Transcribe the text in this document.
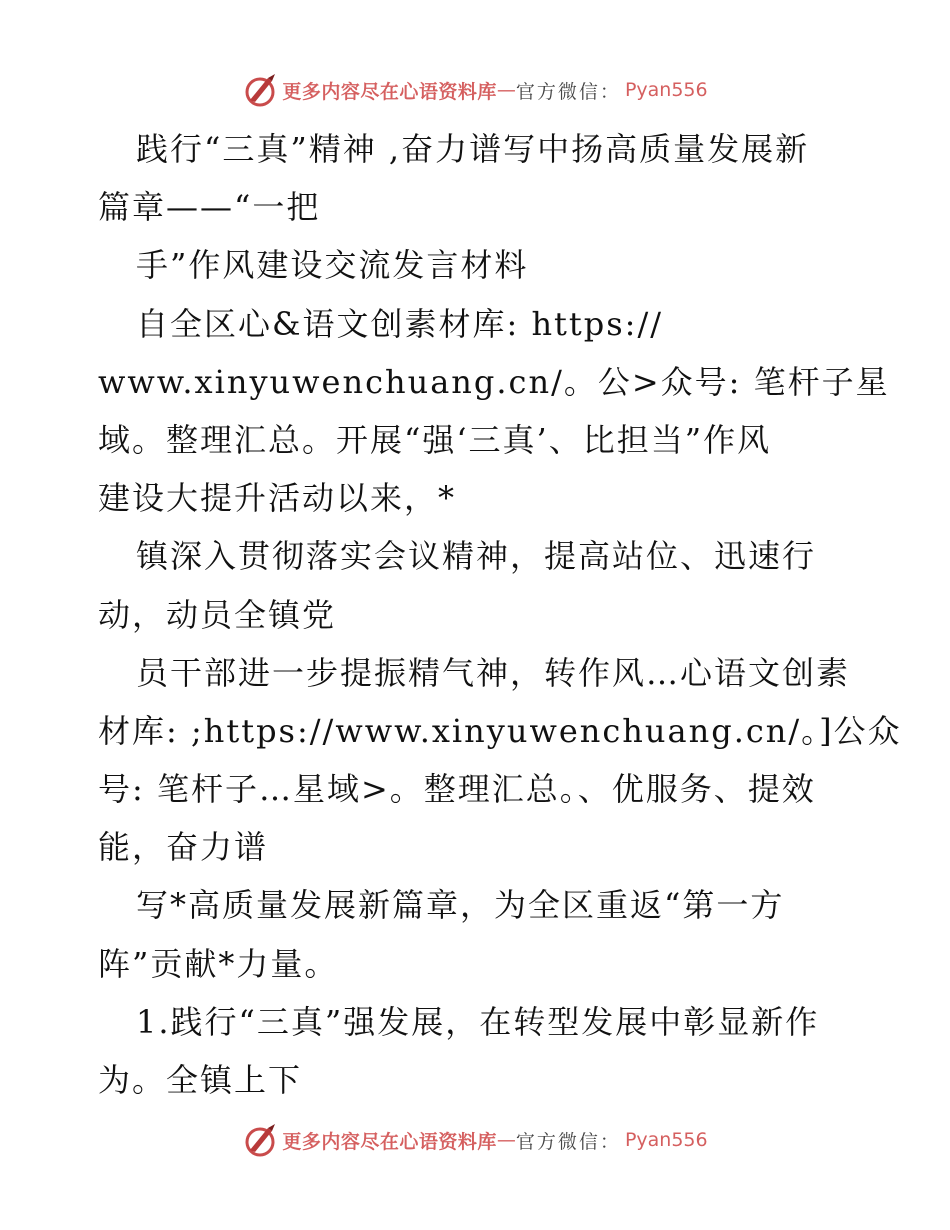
更多内容尽在心语资料库 — 官方微信： Pyan556
践行“三真”精神 ,奋力谱写中扬高质量发展新
篇章——“一把
手”作风建设交流发言材料
自全区心&语文创素材库: https://
www.xinyuwenchuang.cn/。公>众号: 笔杆子星
域。整理汇总。开展“强‘三真’、比担当”作风
建设大提升活动以来，*
镇深入贯彻落实会议精神，提高站位、迅速行
动，动员全镇党
员干部进一步提振精气神，转作风…心语文创素
材库: ;https://www.xinyuwenchuang.cn/。]公众
号: 笔杆子…星域>。整理汇总。、优服务、提效
能，奋力谱
写*高质量发展新篇章，为全区重返“第一方
阵”贡献*力量。
1.践行“三真”强发展，在转型发展中彰显新作
为。全镇上下
更多内容尽在心语资料库 — 官方微信： Pyan556
